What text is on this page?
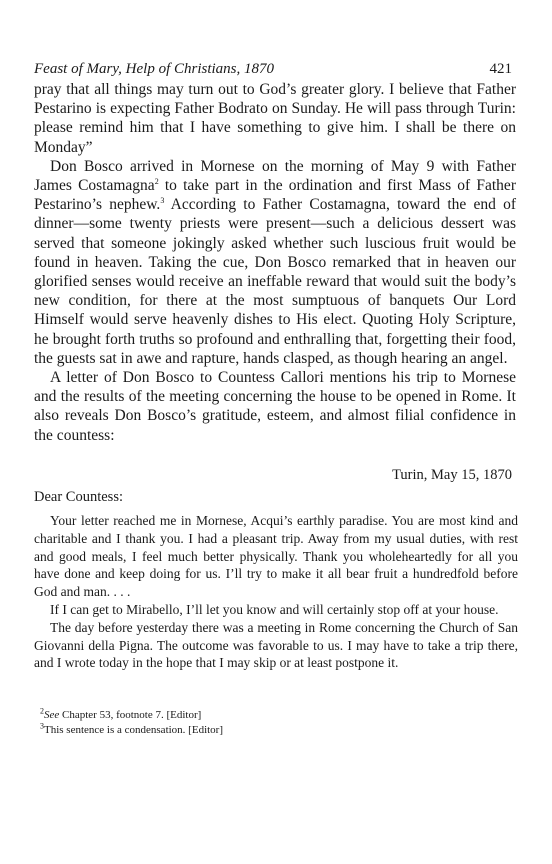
Feast of Mary, Help of Christians, 1870	421

pray that all things may turn out to God’s greater glory. I believe that Father Pestarino is expecting Father Bodrato on Sunday. He will pass through Turin: please remind him that I have something to give him. I shall be there on Monday”

Don Bosco arrived in Mornese on the morning of May 9 with Father James Costamagna$^2$ to take part in the ordination and first Mass of Father Pestarino’s nephew.$^3$ According to Father Costamagna, toward the end of dinner—some twenty priests were present—such a delicious dessert was served that someone jokingly asked whether such luscious fruit would be found in heaven. Taking the cue, Don Bosco remarked that in heaven our glorified senses would receive an ineffable reward that would suit the body’s new condition, for there at the most sumptuous of banquets Our Lord Himself would serve heavenly dishes to His elect. Quoting Holy Scripture, he brought forth truths so profound and enthralling that, forgetting their food, the guests sat in awe and rapture, hands clasped, as though hearing an angel.

A letter of Don Bosco to Countess Callori mentions his trip to Mornese and the results of the meeting concerning the house to be opened in Rome. It also reveals Don Bosco’s gratitude, esteem, and almost filial confidence in the countess:

Turin, May 15, 1870
Dear Countess:

Your letter reached me in Mornese, Acqui’s earthly paradise. You are most kind and charitable and I thank you. I had a pleasant trip. Away from my usual duties, with rest and good meals, I feel much better physically. Thank you wholeheartedly for all you have done and keep doing for us. I’ll try to make it all bear fruit a hundredfold before God and man. . . .

If I can get to Mirabello, I’ll let you know and will certainly stop off at your house.

The day before yesterday there was a meeting in Rome concerning the Church of San Giovanni della Pigna. The outcome was favorable to us. I may have to take a trip there, and I wrote today in the hope that I may skip or at least postpone it.

$^2$See Chapter 53, footnote 7. [Editor]

$^3$This sentence is a condensation. [Editor]
